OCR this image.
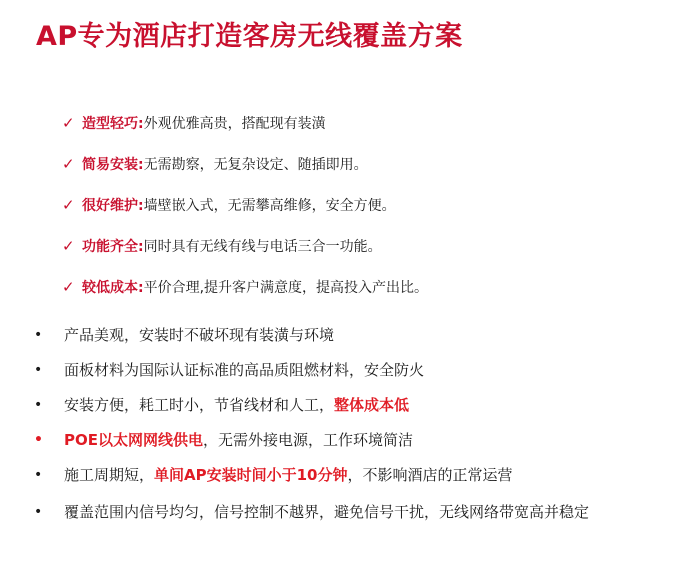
AP专为酒店打造客房无线覆盖方案
✓ 造型轻巧: 外观优雅高贵，搭配现有装潢
✓ 简易安装: 无需勘察，无复杂设定、随插即用。
✓ 很好维护: 墙壁嵌入式，无需攀高维修，安全方便。
✓ 功能齐全: 同时具有无线有线与电话三合一功能。
✓ 较低成本: 平价合理,提升客户满意度，提高投入产出比。
•	产品美观，安装时不破坏现有装潢与环境
•	面板材料为国际认证标准的高品质阻燃材料，安全防火
•	安装方便，耗工时小，节省线材和人工，整体成本低
•	POE以太网网线供电，无需外接电源，工作环境简洁
•	施工周期短，单间AP安装时间小于10分钟，不影响酒店的正常运营
•	覆盖范围内信号均匀，信号控制不越界，避免信号干扰，无线网络带宽高并稳定
